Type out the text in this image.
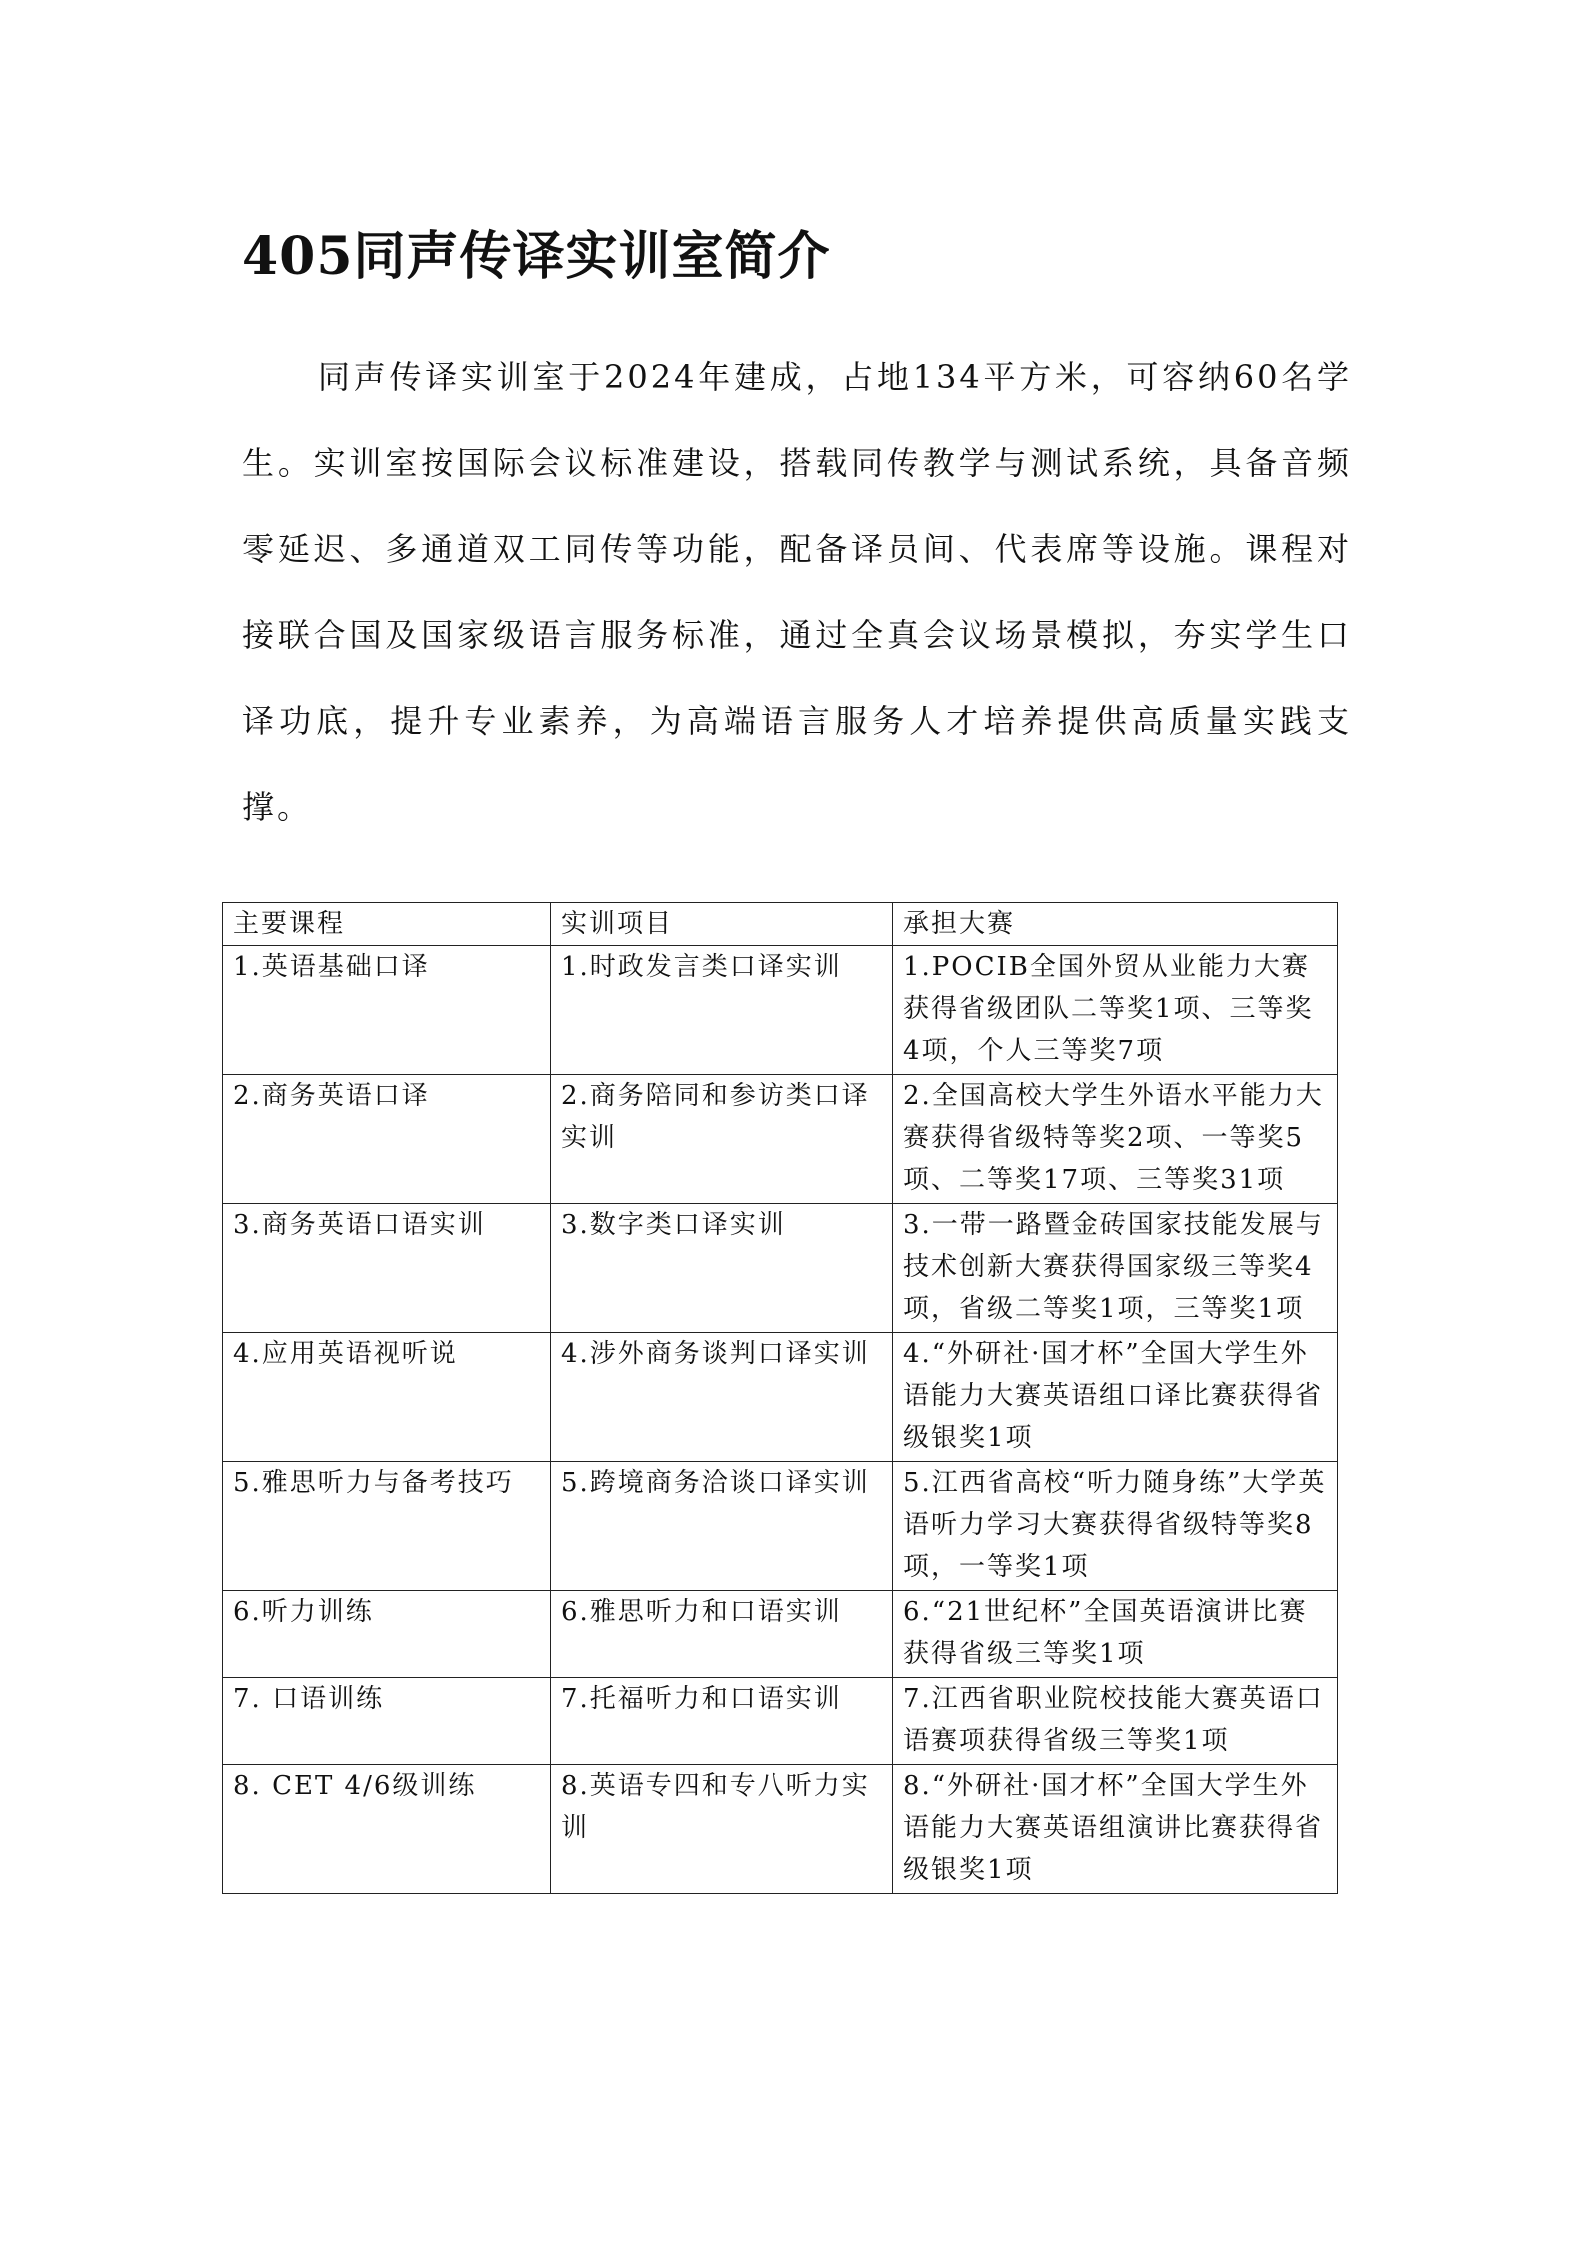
405同声传译实训室简介

同声传译实训室于2024年建成，占地134平方米，可容纳60名学生。实训室按国际会议标准建设，搭载同传教学与测试系统，具备音频零延迟、多通道双工同传等功能，配备译员间、代表席等设施。课程对接联合国及国家级语言服务标准，通过全真会议场景模拟，夯实学生口译功底，提升专业素养，为高端语言服务人才培养提供高质量实践支撑。

主要课程	实训项目	承担大赛
1.英语基础口译	1.时政发言类口译实训	1.POCIB全国外贸从业能力大赛获得省级团队二等奖1项、三等奖4项，个人三等奖7项
2.商务英语口译	2.商务陪同和参访类口译实训	2.全国高校大学生外语水平能力大赛获得省级特等奖2项、一等奖5项、二等奖17项、三等奖31项
3.商务英语口语实训	3.数字类口译实训	3.一带一路暨金砖国家技能发展与技术创新大赛获得国家级三等奖4项，省级二等奖1项，三等奖1项
4.应用英语视听说	4.涉外商务谈判口译实训	4.“外研社·国才杯”全国大学生外语能力大赛英语组口译比赛获得省级银奖1项
5.雅思听力与备考技巧	5.跨境商务洽谈口译实训	5.江西省高校“听力随身练”大学英语听力学习大赛获得省级特等奖8项，一等奖1项
6.听力训练	6.雅思听力和口语实训	6.“21世纪杯”全国英语演讲比赛获得省级三等奖1项
7. 口语训练	7.托福听力和口语实训	7.江西省职业院校技能大赛英语口语赛项获得省级三等奖1项
8. CET 4/6级训练	8.英语专四和专八听力实训	8.“外研社·国才杯”全国大学生外语能力大赛英语组演讲比赛获得省级银奖1项
